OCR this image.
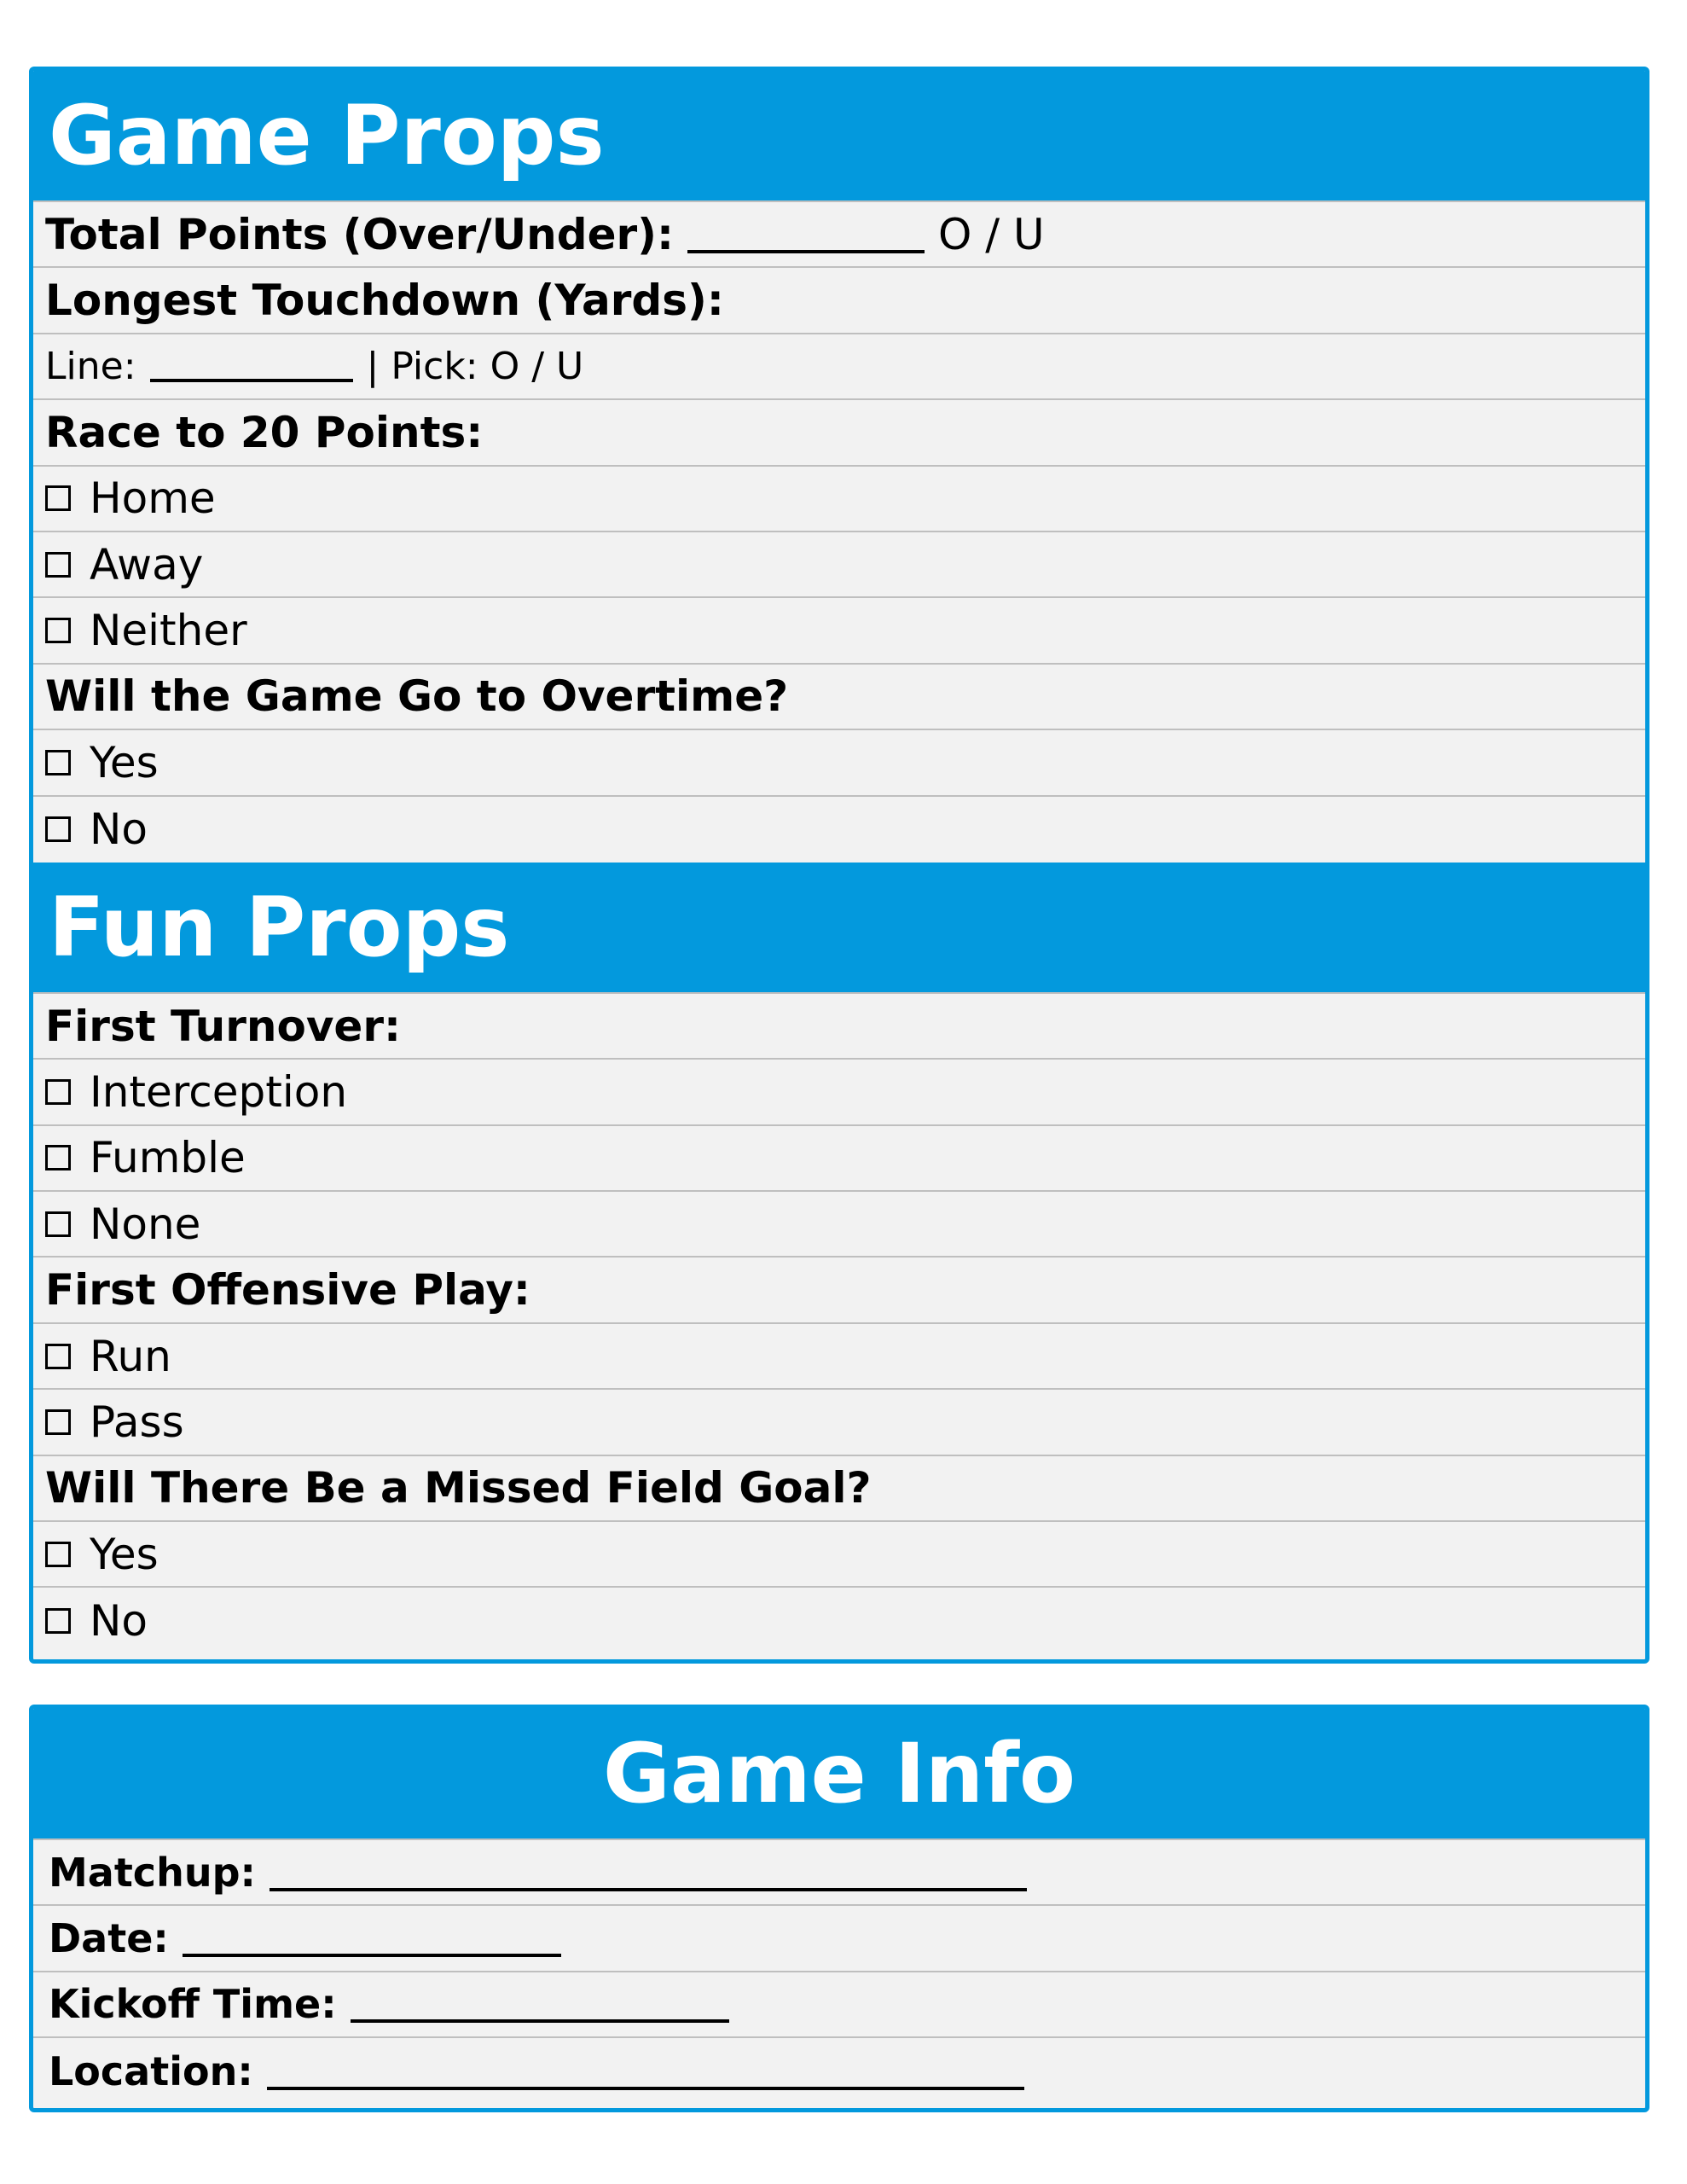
Game Props
Total Points (Over/Under):	O / U
Longest Touchdown (Yards):
Line:	| Pick: O / U
Race to 20 Points:
Home
Away
Neither
Will the Game Go to Overtime?
Yes
No
Fun Props
First Turnover:
Interception
Fumble
None
First Offensive Play:
Run
Pass
Will There Be a Missed Field Goal?
Yes
No
Game Info
Matchup:
Date:
Kickoff Time:
Location:
